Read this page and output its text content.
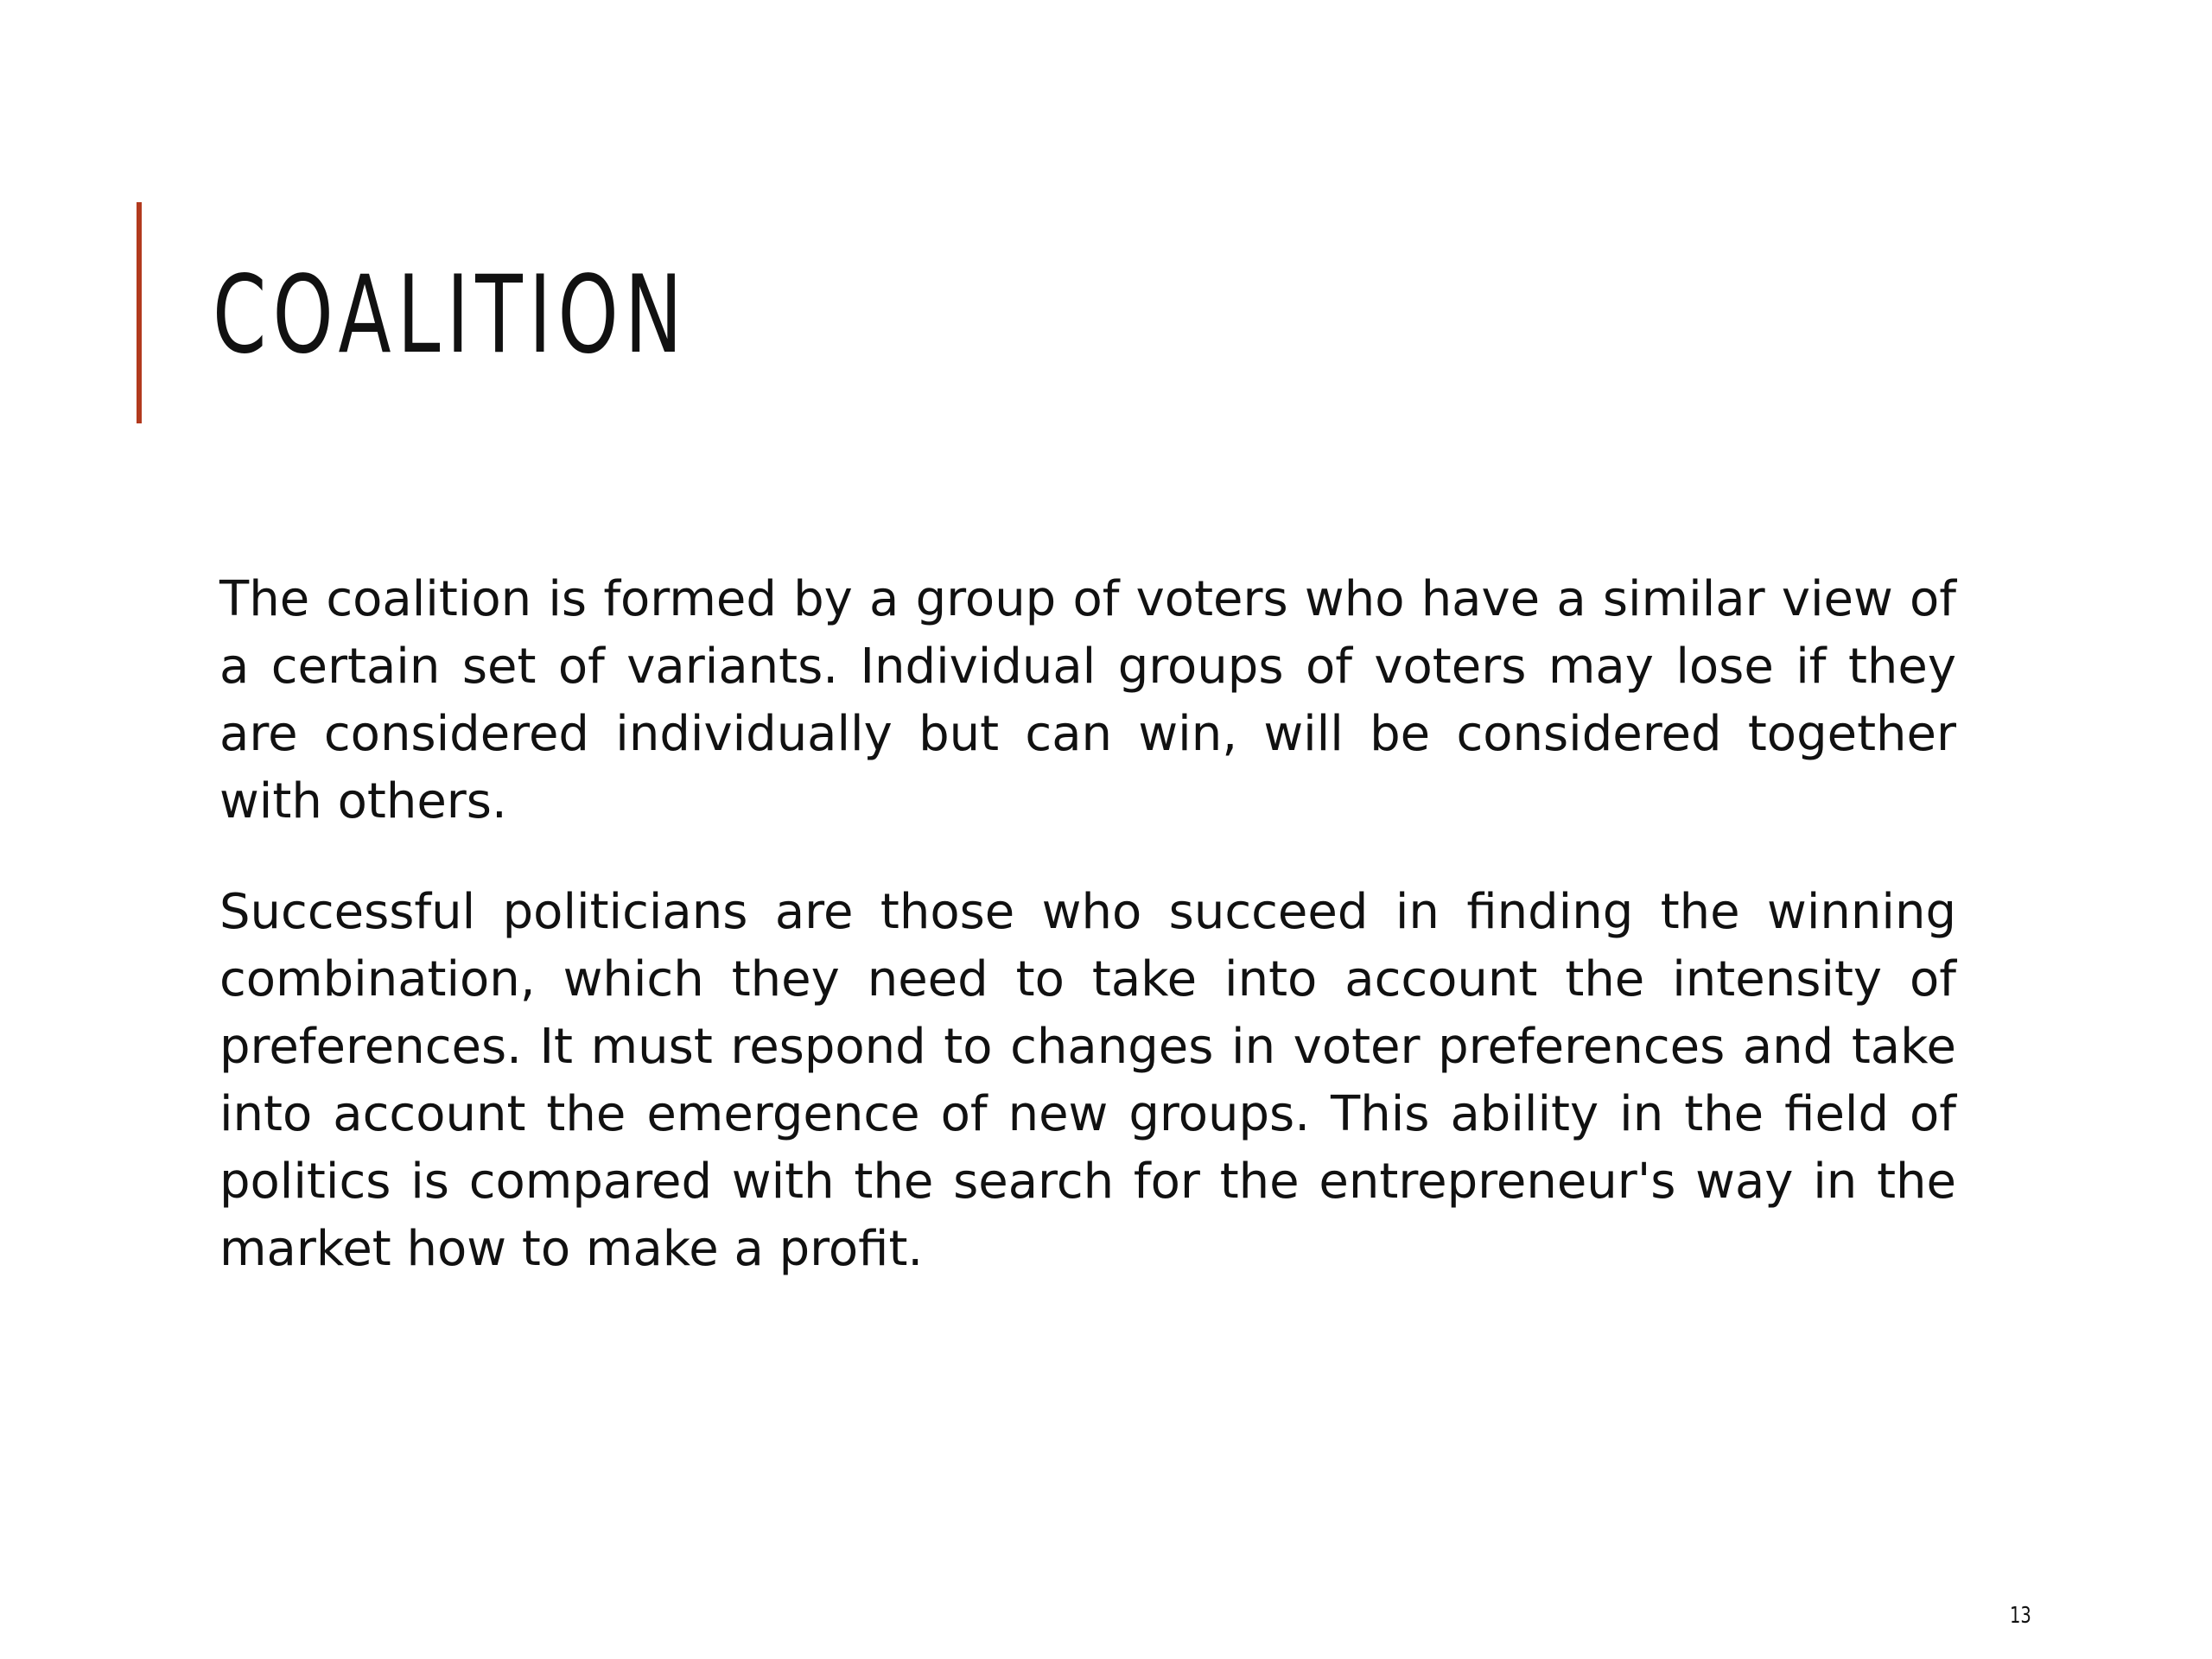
COALITION

The coalition is formed by a group of voters who have a similar view of a certain set of variants. Individual groups of voters may lose if they are considered individually but can win, will be considered together with others.

Successful politicians are those who succeed in finding the winning combination, which they need to take into account the intensity of preferences. It must respond to changes in voter preferences and take into account the emergence of new groups. This ability in the field of politics is compared with the search for the entrepreneur's way in the market how to make a profit.

13
